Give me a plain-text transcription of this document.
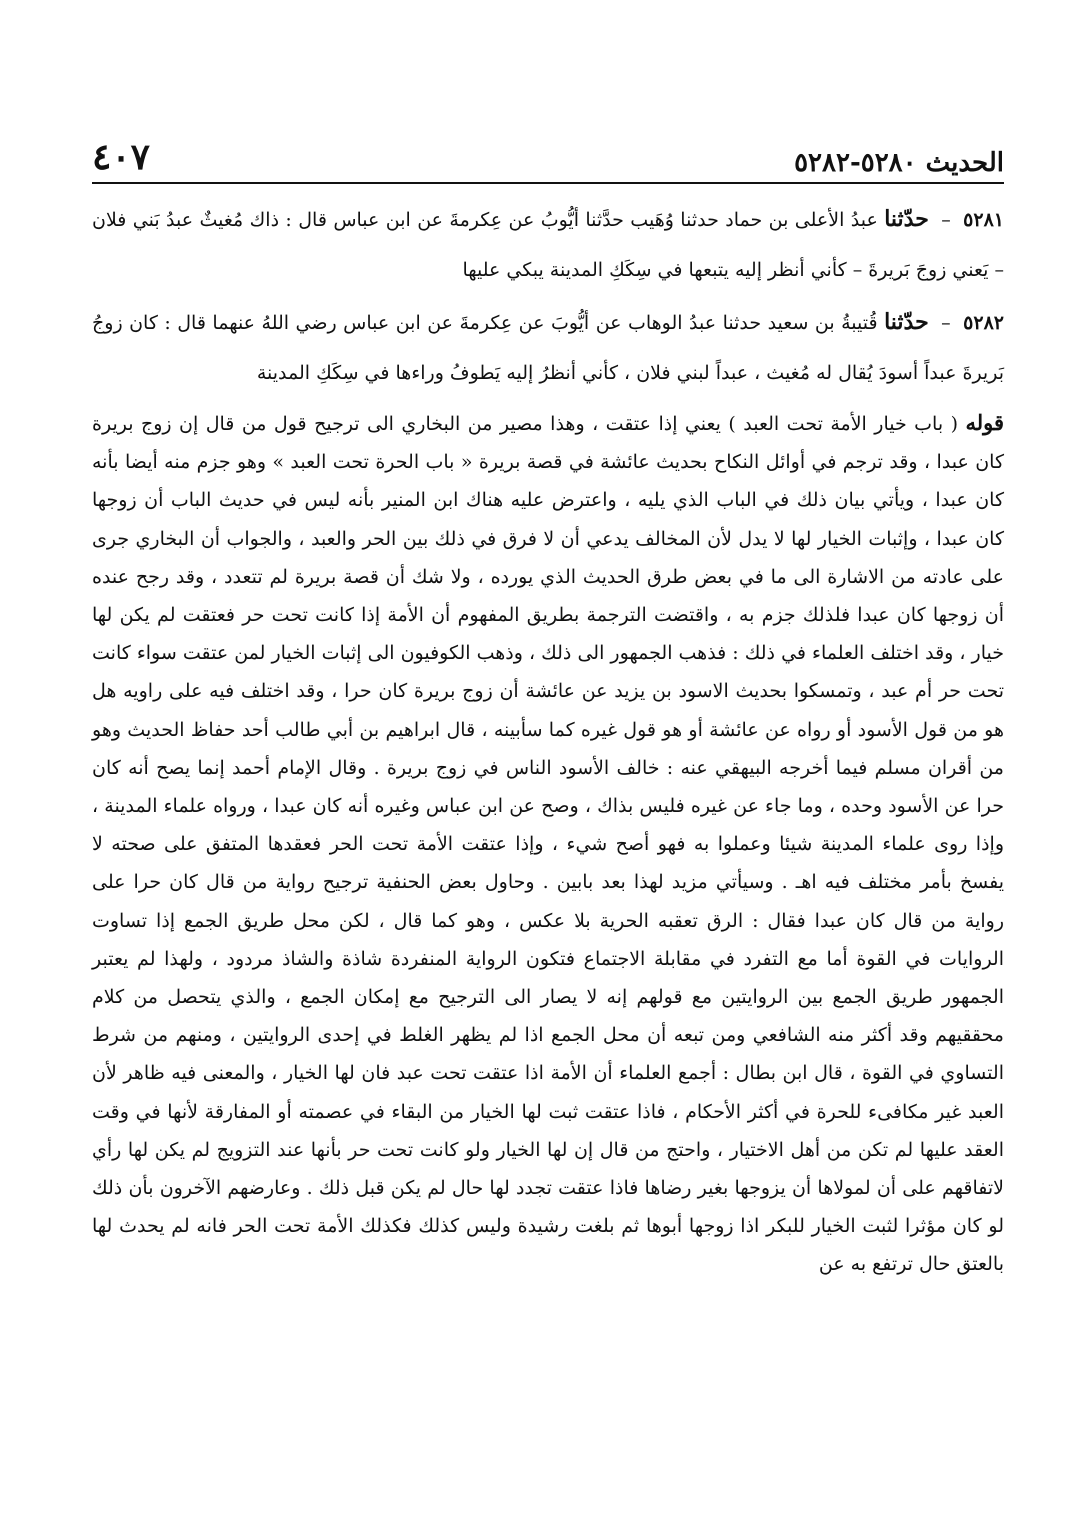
الحديث ٥٢٨٠-٥٢٨٢
٤٠٧

٥٢٨١ – حدّثنا عبدُ الأعلى بن حماد حدثنا وُهَيب حدَّثنا أيُّوبُ عن عِكرمةَ عن ابن عباس قال : ذاك مُغيثٌ عبدُ بَني فلان – يَعني زوجَ بَريرةَ – كأني أنظر إليه يتبعها في سِكَكِ المدينة يبكي عليها

٥٢٨٢ – حدّثنا قُتيبةُ بن سعيد حدثنا عبدُ الوهاب عن أيُّوبَ عن عِكرمةَ عن ابن عباس رضي اللهُ عنهما قال : كان زوجُ بَريرةَ عبداً أسودَ يُقال له مُغيث ، عبداً لبني فلان ، كأني أنظرُ إليه يَطوفُ وراءها في سِكَكِ المدينة

قوله ( باب خيار الأمة تحت العبد ) يعني إذا عتقت ، وهذا مصير من البخاري الى ترجيح قول من قال إن زوج بريرة كان عبدا ، وقد ترجم في أوائل النكاح بحديث عائشة في قصة بريرة « باب الحرة تحت العبد » وهو جزم منه أيضا بأنه كان عبدا ، ويأتي بيان ذلك في الباب الذي يليه ، واعترض عليه هناك ابن المنير بأنه ليس في حديث الباب أن زوجها كان عبدا ، وإثبات الخيار لها لا يدل لأن المخالف يدعي أن لا فرق في ذلك بين الحر والعبد ، والجواب أن البخاري جرى على عادته من الاشارة الى ما في بعض طرق الحديث الذي يورده ، ولا شك أن قصة بريرة لم تتعدد ، وقد رجح عنده أن زوجها كان عبدا فلذلك جزم به ، واقتضت الترجمة بطريق المفهوم أن الأمة إذا كانت تحت حر فعتقت لم يكن لها خيار ، وقد اختلف العلماء في ذلك : فذهب الجمهور الى ذلك ، وذهب الكوفيون الى إثبات الخيار لمن عتقت سواء كانت تحت حر أم عبد ، وتمسكوا بحديث الاسود بن يزيد عن عائشة أن زوج بريرة كان حرا ، وقد اختلف فيه على راويه هل هو من قول الأسود أو رواه عن عائشة أو هو قول غيره كما سأبينه ، قال ابراهيم بن أبي طالب أحد حفاظ الحديث وهو من أقران مسلم فيما أخرجه البيهقي عنه : خالف الأسود الناس في زوج بريرة . وقال الإمام أحمد إنما يصح أنه كان حرا عن الأسود وحده ، وما جاء عن غيره فليس بذاك ، وصح عن ابن عباس وغيره أنه كان عبدا ، ورواه علماء المدينة ، وإذا روى علماء المدينة شيئا وعملوا به فهو أصح شيء ، وإذا عتقت الأمة تحت الحر فعقدها المتفق على صحته لا يفسخ بأمر مختلف فيه اهـ . وسيأتي مزيد لهذا بعد بابين . وحاول بعض الحنفية ترجيح رواية من قال كان حرا على رواية من قال كان عبدا فقال : الرق تعقبه الحرية بلا عكس ، وهو كما قال ، لكن محل طريق الجمع إذا تساوت الروايات في القوة أما مع التفرد في مقابلة الاجتماع فتكون الرواية المنفردة شاذة والشاذ مردود ، ولهذا لم يعتبر الجمهور طريق الجمع بين الروايتين مع قولهم إنه لا يصار الى الترجيح مع إمكان الجمع ، والذي يتحصل من كلام محققيهم وقد أكثر منه الشافعي ومن تبعه أن محل الجمع اذا لم يظهر الغلط في إحدى الروايتين ، ومنهم من شرط التساوي في القوة ، قال ابن بطال : أجمع العلماء أن الأمة اذا عتقت تحت عبد فان لها الخيار ، والمعنى فيه ظاهر لأن العبد غير مكافىء للحرة في أكثر الأحكام ، فاذا عتقت ثبت لها الخيار من البقاء في عصمته أو المفارقة لأنها في وقت العقد عليها لم تكن من أهل الاختيار ، واحتج من قال إن لها الخيار ولو كانت تحت حر بأنها عند التزويج لم يكن لها رأي لاتفاقهم على أن لمولاها أن يزوجها بغير رضاها فاذا عتقت تجدد لها حال لم يكن قبل ذلك . وعارضهم الآخرون بأن ذلك لو كان مؤثرا لثبت الخيار للبكر اذا زوجها أبوها ثم بلغت رشيدة وليس كذلك فكذلك الأمة تحت الحر فانه لم يحدث لها بالعتق حال ترتفع به عن
